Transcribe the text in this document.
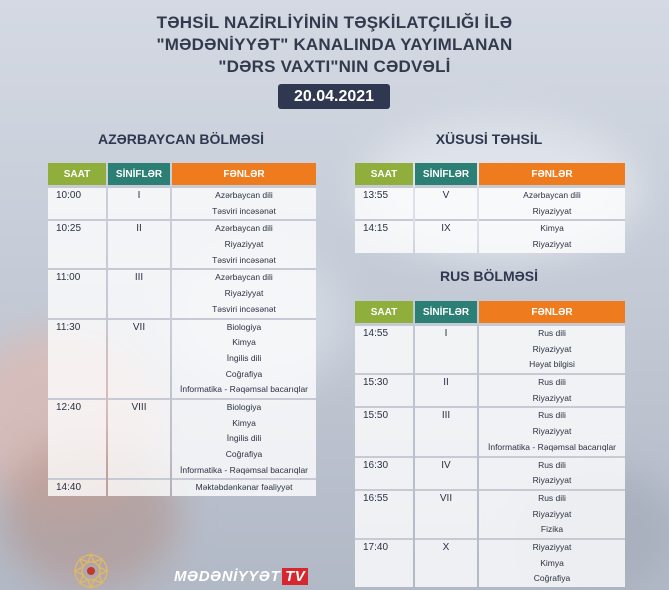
TƏHSİL NAZİRLİYİNİN TƏŞKİLATÇILIĞI İLƏ
"MƏDƏNİYYƏT" KANALINDA YAYIMLANAN
"DƏRS VAXTI"NIN CƏDVƏLİ
20.04.2021
AZƏRBAYCAN BÖLMƏSİ	XÜSUSİ TƏHSİL
RUS BÖLMƏSİ
SAAT	SİNİFLƏR	FƏNLƏR

10:00	I	Azərbaycan dili
Təsviri incəsənət

10:25	II	Azərbaycan dili
Riyaziyyat
Təsviri incəsənət

11:00	III	Azərbaycan dili
Riyaziyyat
Təsviri incəsənət

11:30	VII	Biologiya
Kimya
İngilis dili
Coğrafiya
İnformatika - Rəqəmsal bacarıqlar

12:40	VIII	Biologiya
Kimya
İngilis dili
Coğrafiya
İnformatika - Rəqəmsal bacarıqlar

14:40		Məktəbdənkənar fəaliyyət
SAAT	SİNİFLƏR	FƏNLƏR

13:55	V	Azərbaycan dili
Riyaziyyat

14:15	IX	Kimya
Riyaziyyat
SAAT	SİNİFLƏR	FƏNLƏR

14:55	I	Rus dili
Riyaziyyat
Həyat bilgisi

15:30	II	Rus dili
Riyaziyyat

15:50	III	Rus dili
Riyaziyyat
İnformatika - Rəqəmsal bacarıqlar

16:30	IV	Rus dili
Riyaziyyat

16:55	VII	Rus dili
Riyaziyyat
Fizika

17:40	X	Riyaziyyat
Kimya
Coğrafiya
MƏDƏNİYYƏT TV
